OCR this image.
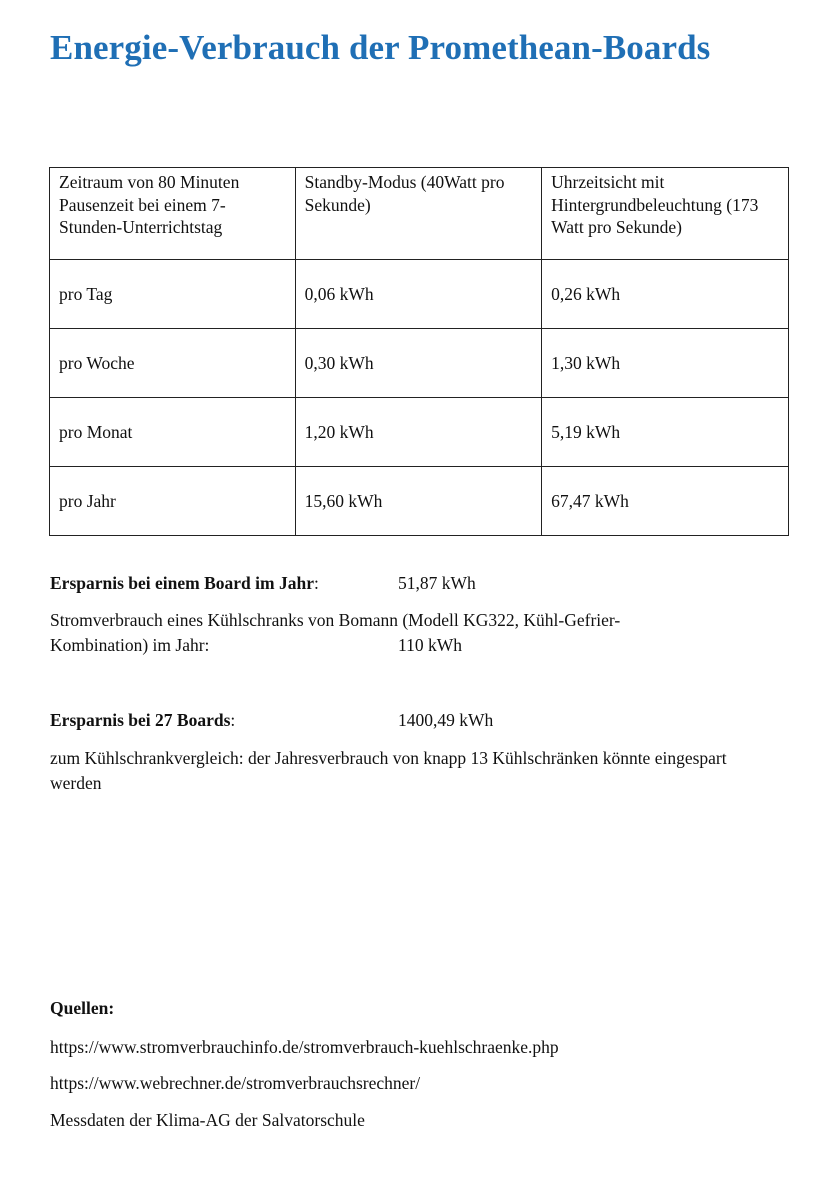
Energie-Verbrauch der Promethean-Boards
Zeitraum von 80 Minuten Pausenzeit bei einem 7-Stunden-Unterrichtstag	Standby-Modus (40Watt pro Sekunde)	Uhrzeitsicht mit Hintergrundbeleuchtung (173 Watt pro Sekunde)
pro Tag	0,06 kWh	0,26 kWh
pro Woche	0,30 kWh	1,30 kWh
pro Monat	1,20 kWh	5,19 kWh
pro Jahr	15,60 kWh	67,47 kWh
Ersparnis bei einem Board im Jahr:	51,87 kWh
Stromverbrauch eines Kühlschranks von Bomann (Modell KG322, Kühl-Gefrier-Kombination) im Jahr:	110 kWh
Ersparnis bei 27 Boards:	1400,49 kWh
zum Kühlschrankvergleich: der Jahresverbrauch von knapp 13 Kühlschränken könnte eingespart werden
Quellen:
https://www.stromverbrauchinfo.de/stromverbrauch-kuehlschraenke.php
https://www.webrechner.de/stromverbrauchsrechner/
Messdaten der Klima-AG der Salvatorschule
